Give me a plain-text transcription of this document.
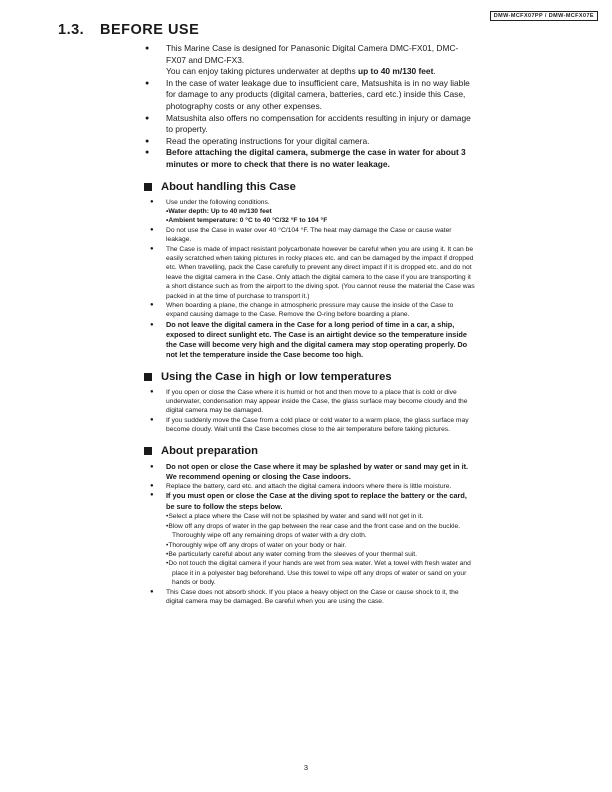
DMW-MCFX07PP / DMW-MCFX07E
1.3. BEFORE USE
● This Marine Case is designed for Panasonic Digital Camera DMC-FX01, DMC-FX07 and DMC-FX3.
You can enjoy taking pictures underwater at depths up to 40 m/130 feet.
● In the case of water leakage due to insufficient care, Matsushita is in no way liable for damage to any products (digital camera, batteries, card etc.) inside this Case, photography costs or any other expenses.
● Matsushita also offers no compensation for accidents resulting in injury or damage to property.
● Read the operating instructions for your digital camera.
● Before attaching the digital camera, submerge the case in water for about 3 minutes or more to check that there is no water leakage.
About handling this Case
● Use under the following conditions.
• Water depth: Up to 40 m/130 feet
• Ambient temperature: 0 °C to 40 °C/32 °F to 104 °F
● Do not use the Case in water over 40 °C/104 °F. The heat may damage the Case or cause water leakage.
● The Case is made of impact resistant polycarbonate however be careful when you are using it. It can be easily scratched when taking pictures in rocky places etc. and can be damaged by the impact if dropped etc. When travelling, pack the Case carefully to prevent any direct impact if it is dropped etc. and do not leave the digital camera in the Case. Only attach the digital camera to the case if you are transporting it a short distance such as from the airport to the diving spot. (You cannot reuse the material the Case was packed in at the time of purchase to transport it.)
● When boarding a plane, the change in atmospheric pressure may cause the inside of the Case to expand causing damage to the Case. Remove the O-ring before boarding a plane.
● Do not leave the digital camera in the Case for a long period of time in a car, a ship, exposed to direct sunlight etc. The Case is an airtight device so the temperature inside the Case will become very high and the digital camera may stop operating properly. Do not let the temperature inside the Case become too high.
Using the Case in high or low temperatures
● If you open or close the Case where it is humid or hot and then move to a place that is cold or dive underwater, condensation may appear inside the Case, the glass surface may become cloudy and the digital camera may be damaged.
● If you suddenly move the Case from a cold place or cold water to a warm place, the glass surface may become cloudy. Wait until the Case becomes close to the air temperature before taking pictures.
About preparation
● Do not open or close the Case where it may be splashed by water or sand may get in it. We recommend opening or closing the Case indoors.
● Replace the battery, card etc. and attach the digital camera indoors where there is little moisture.
● If you must open or close the Case at the diving spot to replace the battery or the card, be sure to follow the steps below.
• Select a place where the Case will not be splashed by water and sand will not get in it.
• Blow off any drops of water in the gap between the rear case and the front case and on the buckle. Thoroughly wipe off any remaining drops of water with a dry cloth.
• Thoroughly wipe off any drops of water on your body or hair.
• Be particularly careful about any water coming from the sleeves of your thermal suit.
• Do not touch the digital camera if your hands are wet from sea water. Wet a towel with fresh water and place it in a polyester bag beforehand. Use this towel to wipe off any drops of water or sand on your hands or body.
● This Case does not absorb shock. If you place a heavy object on the Case or cause shock to it, the digital camera may be damaged. Be careful when you are using the case.
3
